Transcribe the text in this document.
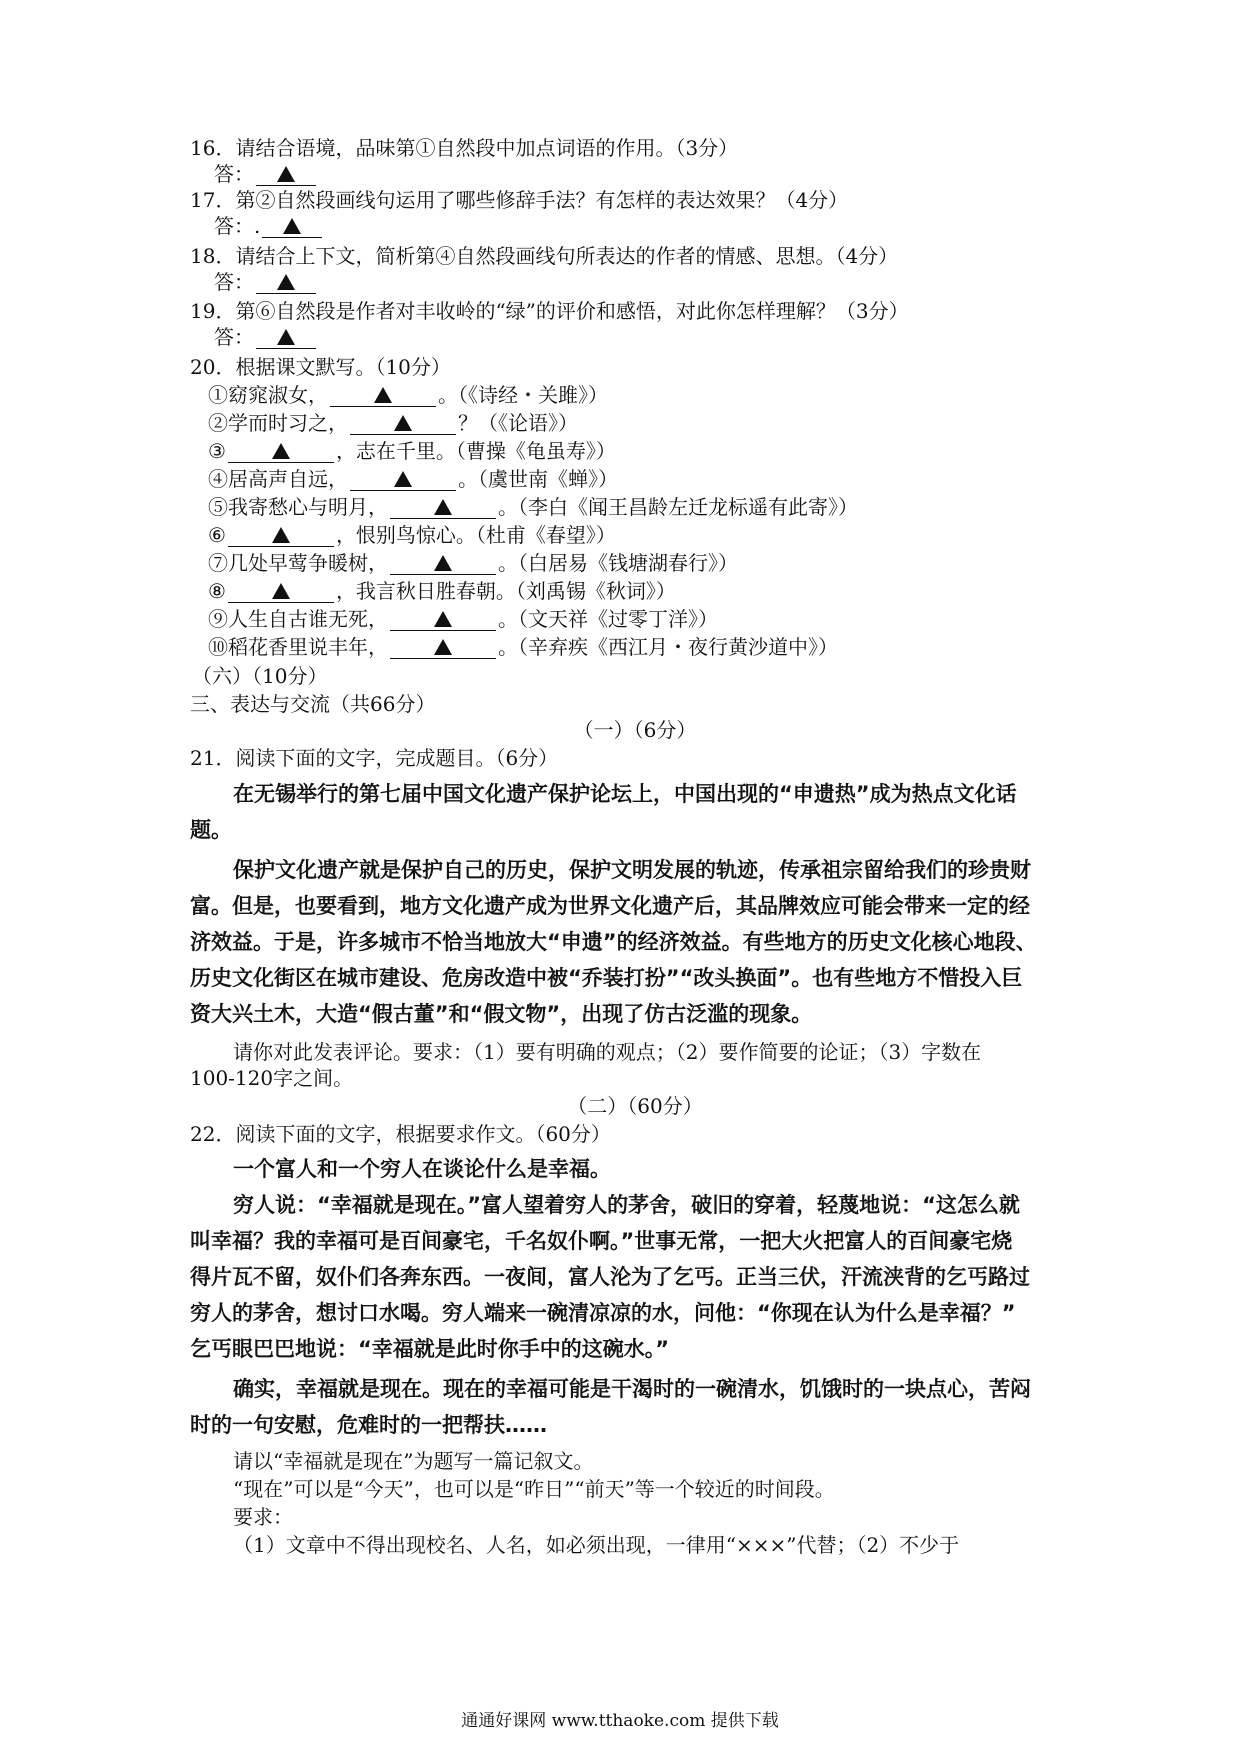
16．请结合语境，品味第①自然段中加点词语的作用。（3分）
答：
17．第②自然段画线句运用了哪些修辞手法？有怎样的表达效果？（4分）
答：.
18．请结合上下文，简析第④自然段画线句所表达的作者的情感、思想。（4分）
答：
19．第⑥自然段是作者对丰收岭的“绿”的评价和感悟，对此你怎样理解？（3分）
答：
20．根据课文默写。（10分）
①窈窕淑女，	。（《诗经・关雎》）
②学而时习之，	？（《论语》）
③	，志在千里。（曹操《龟虽寿》）
④居高声自远，	。（虞世南《蝉》）
⑤我寄愁心与明月，	。（李白《闻王昌龄左迁龙标遥有此寄》）
⑥	，恨别鸟惊心。（杜甫《春望》）
⑦几处早莺争暖树，	。（白居易《钱塘湖春行》）
⑧	，我言秋日胜春朝。（刘禹锡《秋词》）
⑨人生自古谁无死，	。（文天祥《过零丁洋》）
⑩稻花香里说丰年，	。（辛弃疾《西江月・夜行黄沙道中》）
（六）（10分）
三、表达与交流（共66分）
（一）（6分）
21．阅读下面的文字，完成题目。（6分）
在无锡举行的第七届中国文化遗产保护论坛上，中国出现的“申遗热”成为热点文化话
题。
保护文化遗产就是保护自己的历史，保护文明发展的轨迹，传承祖宗留给我们的珍贵财
富。但是，也要看到，地方文化遗产成为世界文化遗产后，其品牌效应可能会带来一定的经
济效益。于是，许多城市不恰当地放大“申遗”的经济效益。有些地方的历史文化核心地段、
历史文化街区在城市建设、危房改造中被“乔装打扮”“改头换面”。也有些地方不惜投入巨
资大兴土木，大造“假古董”和“假文物”，出现了仿古泛滥的现象。
请你对此发表评论。要求：（1）要有明确的观点；（2）要作简要的论证；（3）字数在
100-120字之间。
（二）（60分）
22．阅读下面的文字，根据要求作文。（60分）
一个富人和一个穷人在谈论什么是幸福。
穷人说：“幸福就是现在。”富人望着穷人的茅舍，破旧的穿着，轻蔑地说：“这怎么就
叫幸福？我的幸福可是百间豪宅，千名奴仆啊。”世事无常，一把大火把富人的百间豪宅烧
得片瓦不留，奴仆们各奔东西。一夜间，富人沦为了乞丐。正当三伏，汗流浃背的乞丐路过
穷人的茅舍，想讨口水喝。穷人端来一碗清凉凉的水，问他：“你现在认为什么是幸福？”
乞丐眼巴巴地说：“幸福就是此时你手中的这碗水。”
确实，幸福就是现在。现在的幸福可能是干渴时的一碗清水，饥饿时的一块点心，苦闷
时的一句安慰，危难时的一把帮扶……
请以“幸福就是现在”为题写一篇记叙文。
“现在”可以是“今天”，也可以是“昨日”“前天”等一个较近的时间段。
要求：
（1）文章中不得出现校名、人名，如必须出现，一律用“×××”代替；（2）不少于
通通好课网 www.tthaoke.com 提供下载
